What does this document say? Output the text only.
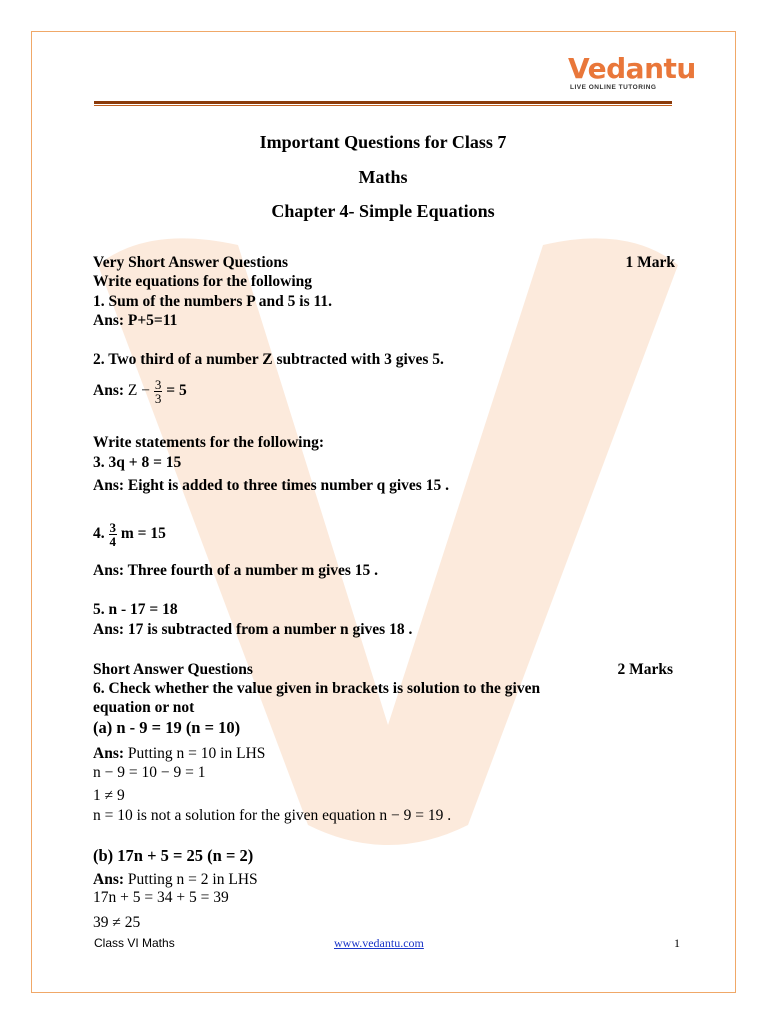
Vedantu
LIVE ONLINE TUTORING
Important Questions for Class 7
Maths
Chapter 4- Simple Equations
Very Short Answer Questions	1 Mark
Write equations for the following
1. Sum of the numbers P and 5 is 11.
Ans: P+5=11
2. Two third of a number Z subtracted with 3 gives 5.
Ans: $Z - \frac{3}{3} = 5$
Write statements for the following:
3. 3q + 8 = 15
Ans: Eight is added to three times number q gives 15 .
4. $\frac{3}{4}$ m = 15
Ans: Three fourth of a number m gives 15 .
5. n - 17 = 18
Ans: 17 is subtracted from a number n gives 18 .
Short Answer Questions	2 Marks
6. Check whether the value given in brackets is solution to the given
equation or not
(a) n - 9 = 19 (n = 10)
Ans: Putting n = 10 in LHS
n − 9 = 10 − 9 = 1
1 ≠ 9
n = 10 is not a solution for the given equation n − 9 = 19 .
(b) 17n + 5 = 25 (n = 2)
Ans: Putting n = 2 in LHS
17n + 5 = 34 + 5 = 39
39 ≠ 25
Class VI Maths	www.vedantu.com	1
